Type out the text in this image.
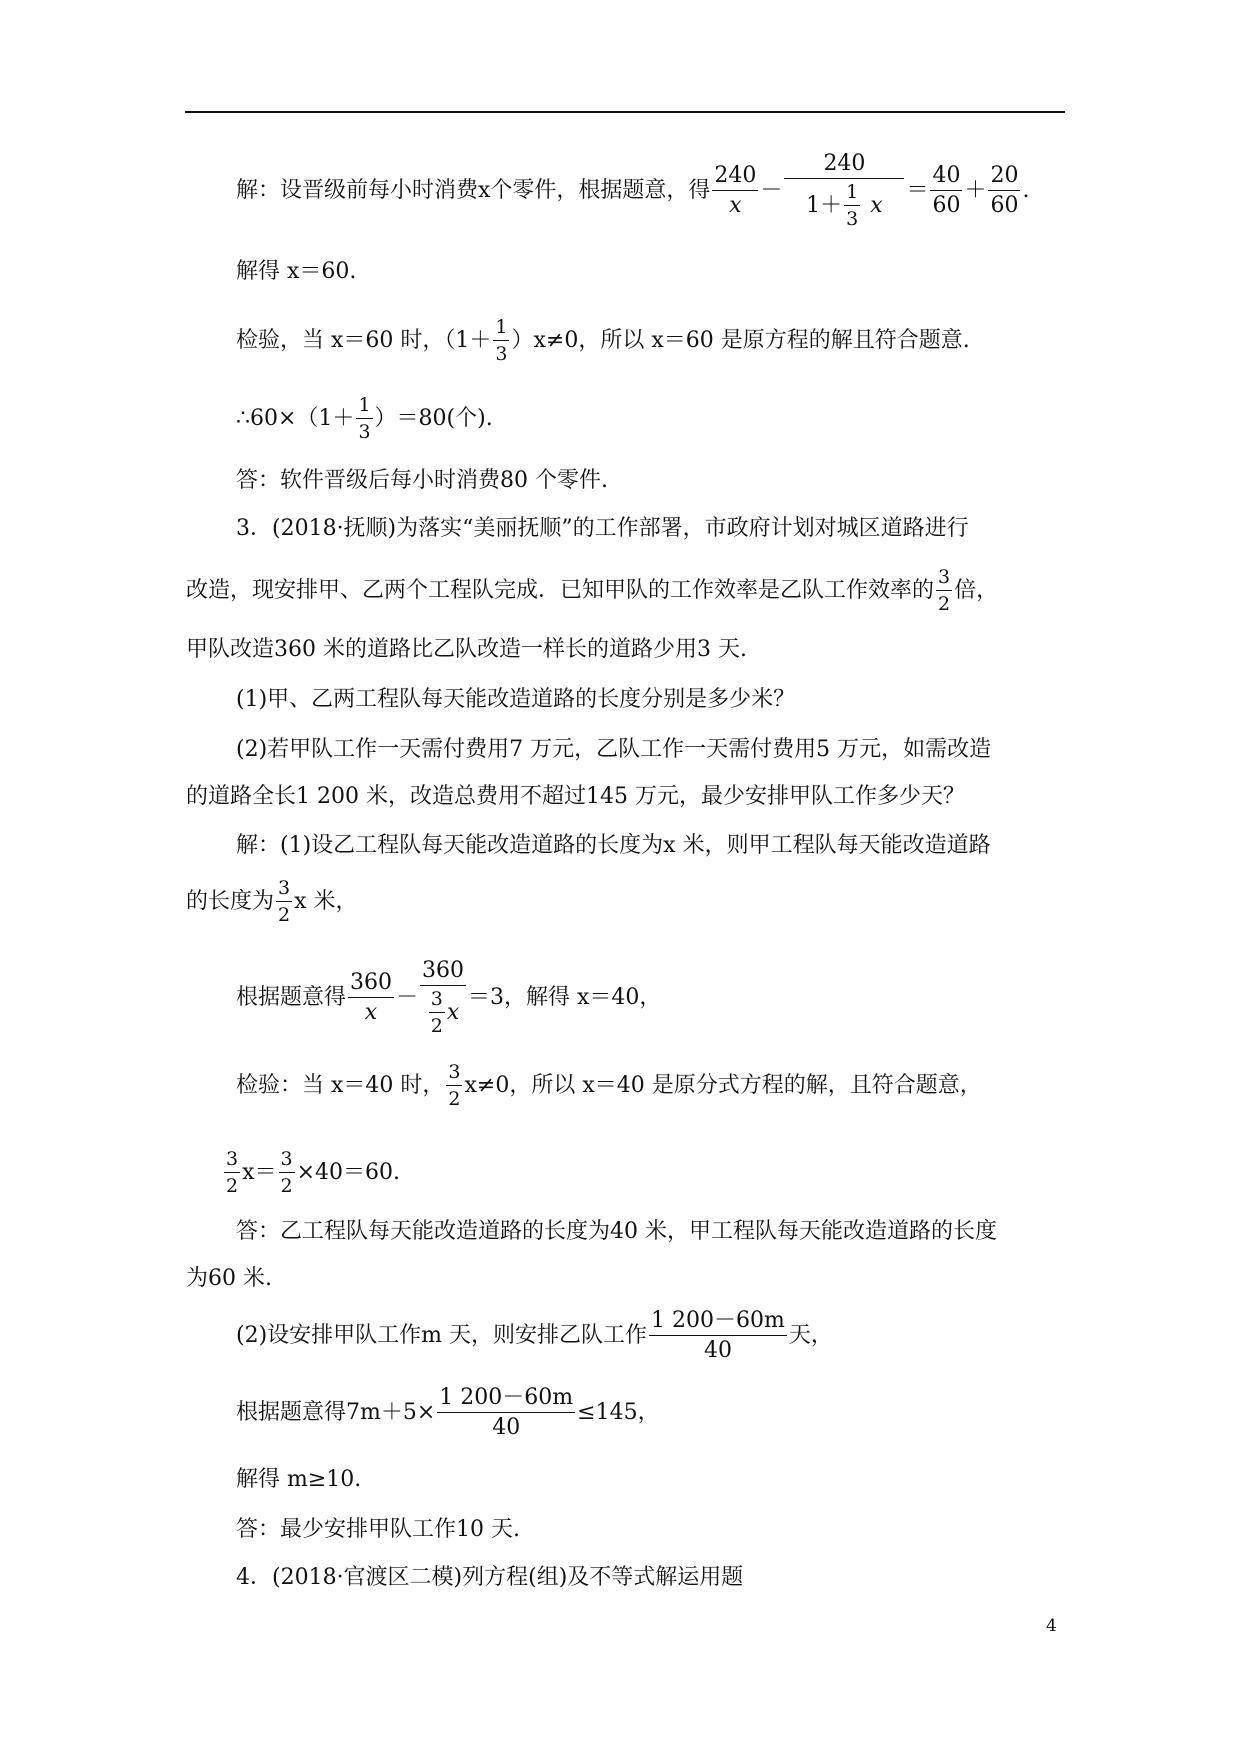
解：设晋级前每小时消费x个零件，根据题意，得 $\frac{240}{x} - \frac{240}{1+ \frac{1}{3} x} = \frac{40}{60} + \frac{20}{60}$ .
解得 x＝60.
检验，当 x＝60 时，$(1+ \frac{1}{3} )x\ne 0$，所以 x＝60 是原方程的解且符合题意.
∴60×（1＋ $\frac{1}{3} )=80$(个).
答：软件晋级后每小时消费80 个零件.
3．(2018·抚顺)为落实“美丽抚顺”的工作部署，市政府计划对城区道路进行
改造，现安排甲、乙两个工程队完成．已知甲队的工作效率是乙队工作效率的 $\frac{3}{2}$ 倍，
甲队改造360 米的道路比乙队改造一样长的道路少用3 天.
(1)甲、乙两工程队每天能改造道路的长度分别是多少米？
(2)若甲队工作一天需付费用7 万元，乙队工作一天需付费用5 万元，如需改造
的道路全长1 200 米，改造总费用不超过145 万元，最少安排甲队工作多少天？
解：(1)设乙工程队每天能改造道路的长度为x 米，则甲工程队每天能改造道路
的长度为 $\frac{3}{2}$ x 米，
根据题意得 $\frac{360}{x} - \frac{360}{\frac{3}{2} x} =3$，解得 x＝40，
检验：当 x＝40 时， $\frac{3}{2} x\ne 0$，所以 x＝40 是原分式方程的解，且符合题意，
$\frac{3}{2} x= \frac{3}{2} \times 40=60$.
答：乙工程队每天能改造道路的长度为40 米，甲工程队每天能改造道路的长度
为60 米.
(2)设安排甲队工作m 天，则安排乙队工作 $\frac{1 200-60m}{40}$ 天，
根据题意得$7m+5\times \frac{1 200-60m}{40} \le 145$，
解得 m≥10.
答：最少安排甲队工作10 天.
4．(2018·官渡区二模)列方程(组)及不等式解运用题
4
